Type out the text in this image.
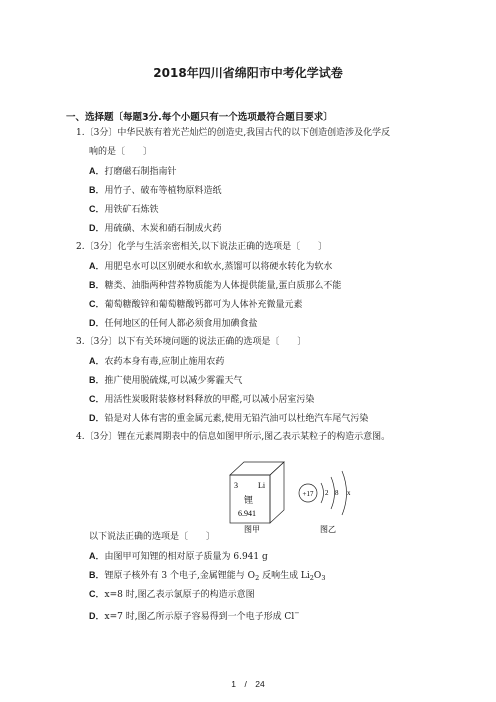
2018年四川省绵阳市中考化学试卷
一、选择题〔每题3分.每个小题只有一个选项最符合题目要求〕
1.〔3分〕中华民族有着光芒灿烂的创造史,我国古代的以下创造创造涉及化学反
响的是〔　　〕
A．打磨磁石制指南针
B．用竹子、破布等植物原料造纸
C．用铁矿石炼铁
D．用硫磺、木炭和硝石制成火药
2.〔3分〕化学与生活亲密相关,以下说法正确的选项是〔　　〕
A．用肥皂水可以区别硬水和软水,蒸馏可以将硬水转化为软水
B．糖类、油脂两种营养物质能为人体提供能量,蛋白质那么不能
C．葡萄糖酸锌和葡萄糖酸钙都可为人体补充微量元素
D．任何地区的任何人都必须食用加碘食盐
3.〔3分〕以下有关环境问题的说法正确的选项是〔　　〕
A．农药本身有毒,应制止施用农药
B．推广使用脱硫煤,可以减少雾霾天气
C．用活性炭吸附装修材料释放的甲醛,可以减小居室污染
D．铅是对人体有害的重金属元素,使用无铅汽油可以杜绝汽车尾气污染
4.〔3分〕锂在元素周期表中的信息如图甲所示,图乙表示某粒子的构造示意图。
3	Li
锂
6.941
图甲
+17 2 8 x
图乙
以下说法正确的选项是〔　　〕
A．由图甲可知锂的相对原子质量为 6.941 g
B．锂原子核外有 3 个电子,金属锂能与 $O_2$ 反响生成 $Li_2O_3$
C．x=8 时,图乙表示氯原子的构造示意图
D．x=7 时,图乙所示原子容易得到一个电子形成 Cl−
1　/　24
